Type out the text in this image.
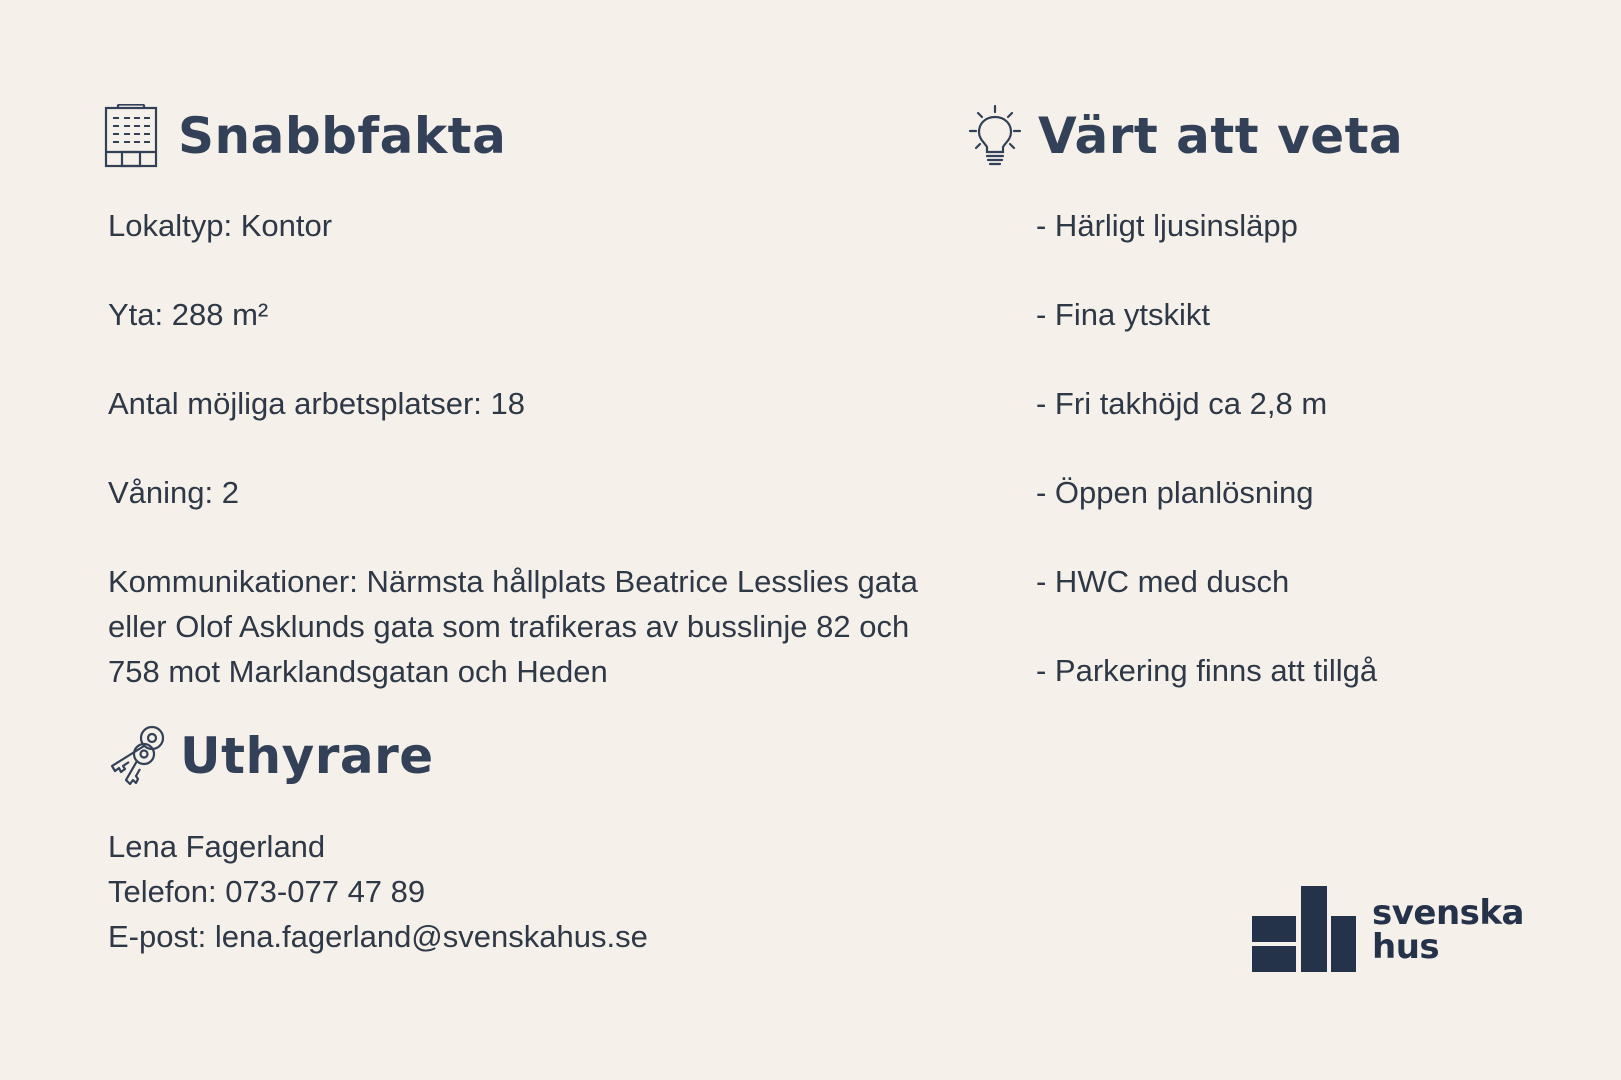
Snabbfakta
Lokaltyp: Kontor
Yta: 288 m²
Antal möjliga arbetsplatser: 18
Våning: 2
Kommunikationer: Närmsta hållplats Beatrice Lesslies gata eller Olof Asklunds gata som trafikeras av busslinje 82 och 758 mot Marklandsgatan och Heden
Värt att veta
- Härligt ljusinsläpp
- Fina ytskikt
- Fri takhöjd ca 2,8 m
- Öppen planlösning
- HWC med dusch
- Parkering finns att tillgå
Uthyrare
Lena Fagerland
Telefon: 073-077 47 89
E-post: lena.fagerland@svenskahus.se
svenska
hus
